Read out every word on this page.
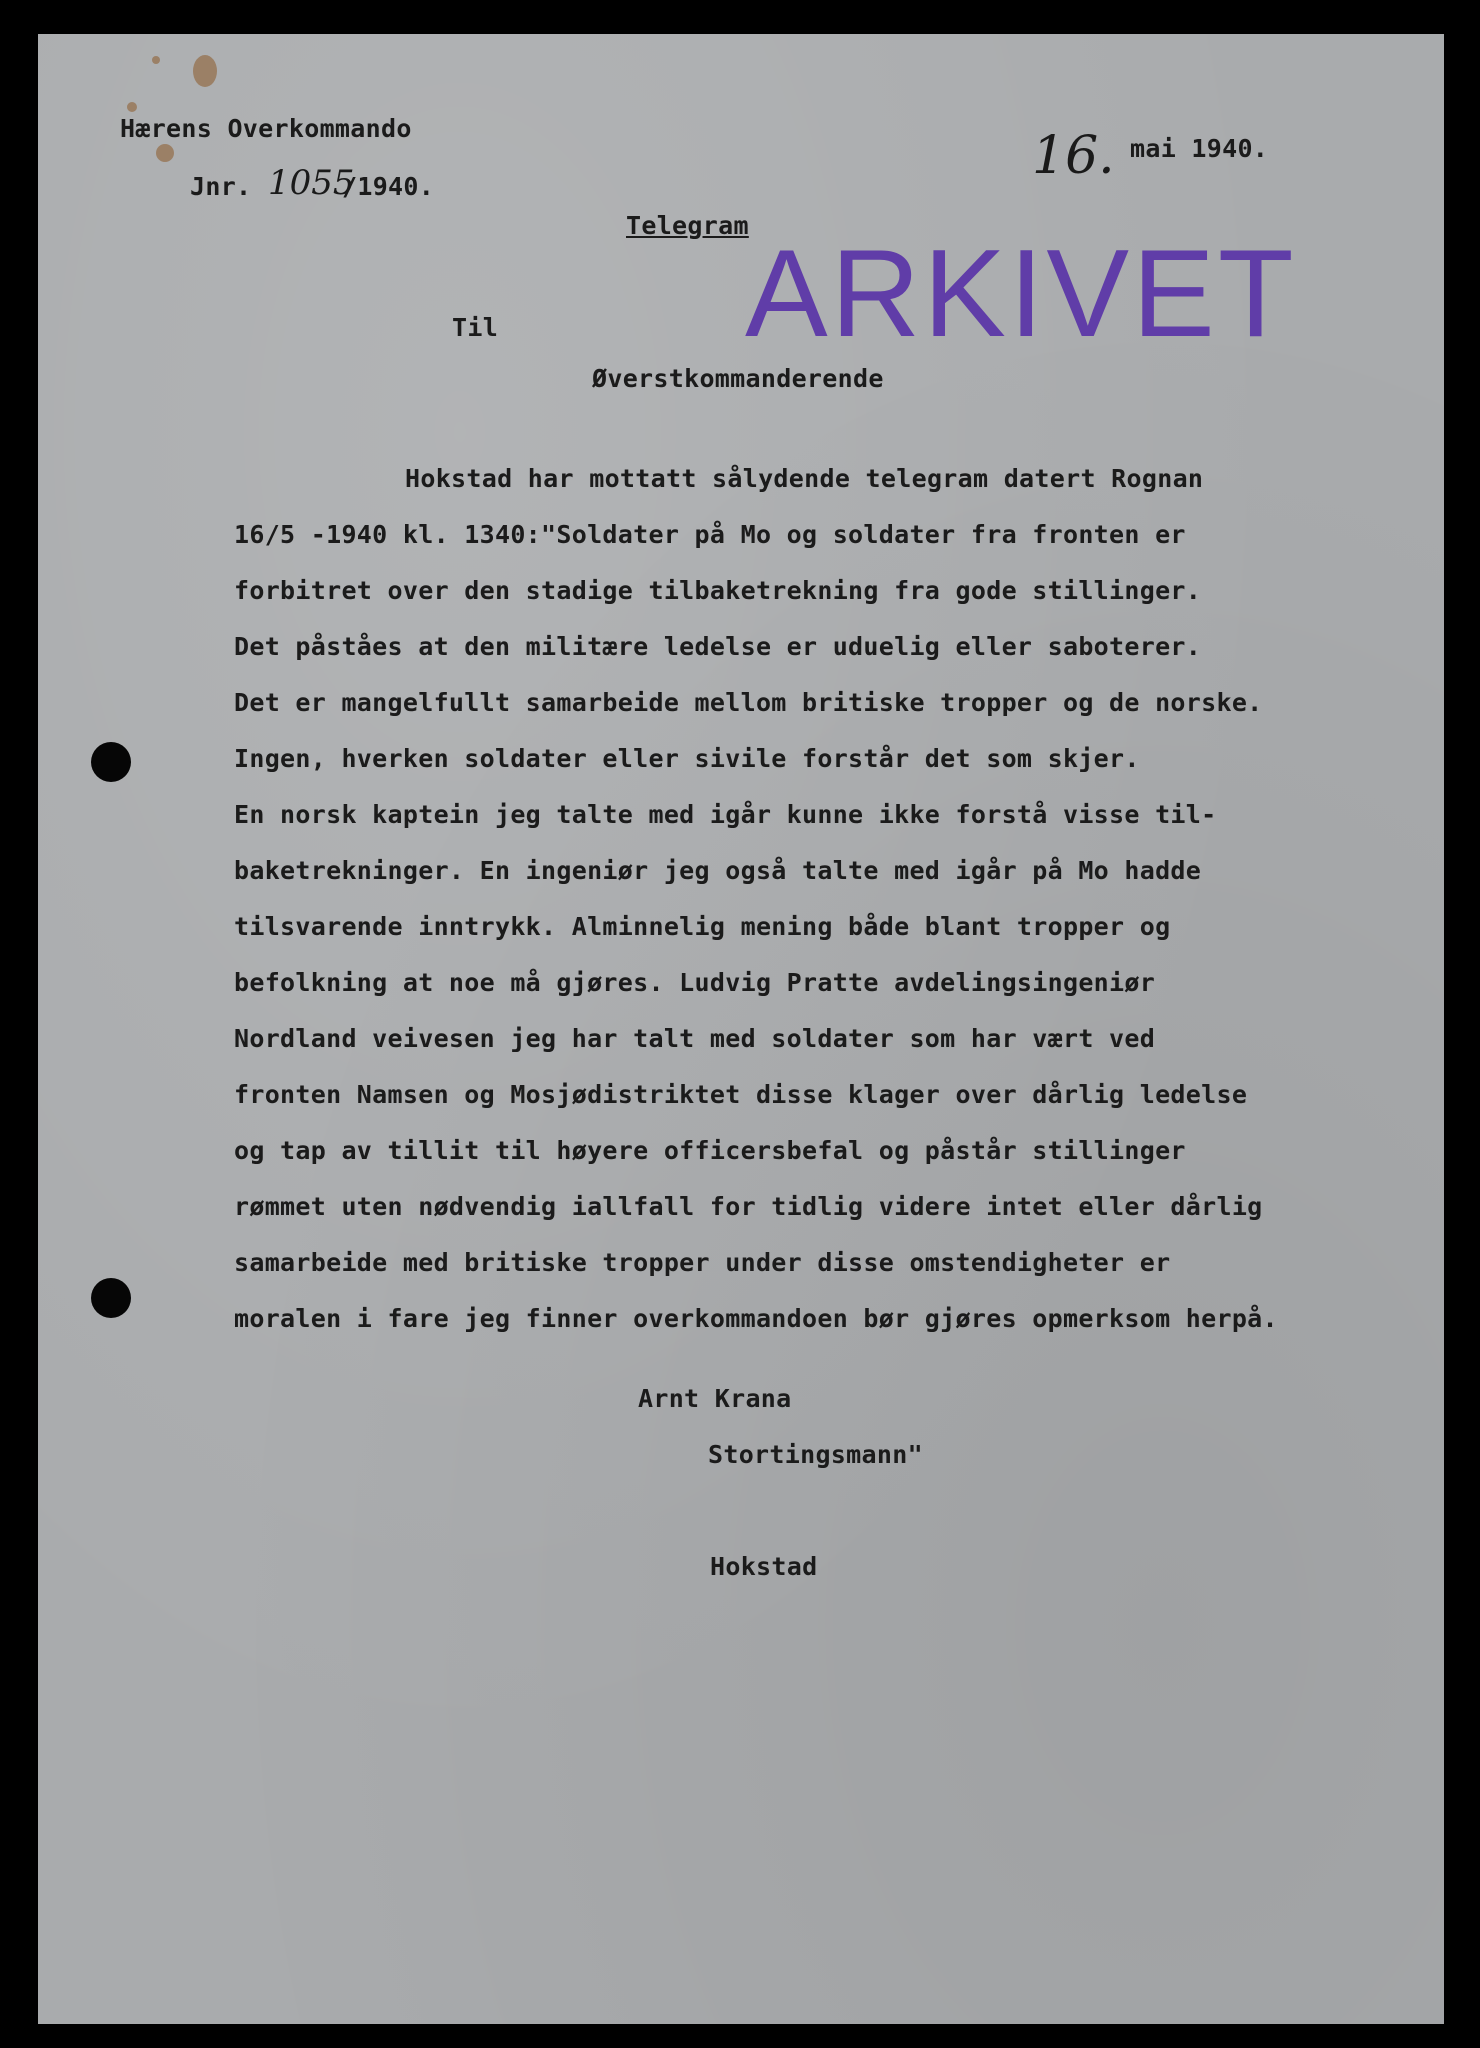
Hærens Overkommando

Jnr. 1055

/1940.

16. mai 1940.

Telegram

ARKIVET

Til

Øverstkommanderende

Hokstad har mottatt sålydende telegram datert Rognan

16/5 -1940 kl. 1340:"Soldater på Mo og soldater fra fronten er

forbitret over den stadige tilbaketrekning fra gode stillinger.

Det påståes at den militære ledelse er uduelig eller saboterer.

Det er mangelfullt samarbeide mellom britiske tropper og de norske.

Ingen, hverken soldater eller sivile forstår det som skjer.

En norsk kaptein jeg talte med igår kunne ikke forstå visse til-

baketrekninger. En ingeniør jeg også talte med igår på Mo hadde

tilsvarende inntrykk. Alminnelig mening både blant tropper og

befolkning at noe må gjøres. Ludvig Pratte avdelingsingeniør

Nordland veivesen jeg har talt med soldater som har vært ved

fronten Namsen og Mosjødistriktet disse klager over dårlig ledelse

og tap av tillit til høyere officersbefal og påstår stillinger

rømmet uten nødvendig iallfall for tidlig videre intet eller dårlig

samarbeide med britiske tropper under disse omstendigheter er

moralen i fare jeg finner overkommandoen bør gjøres opmerksom herpå.

Arnt Krana

Stortingsmann"

Hokstad
